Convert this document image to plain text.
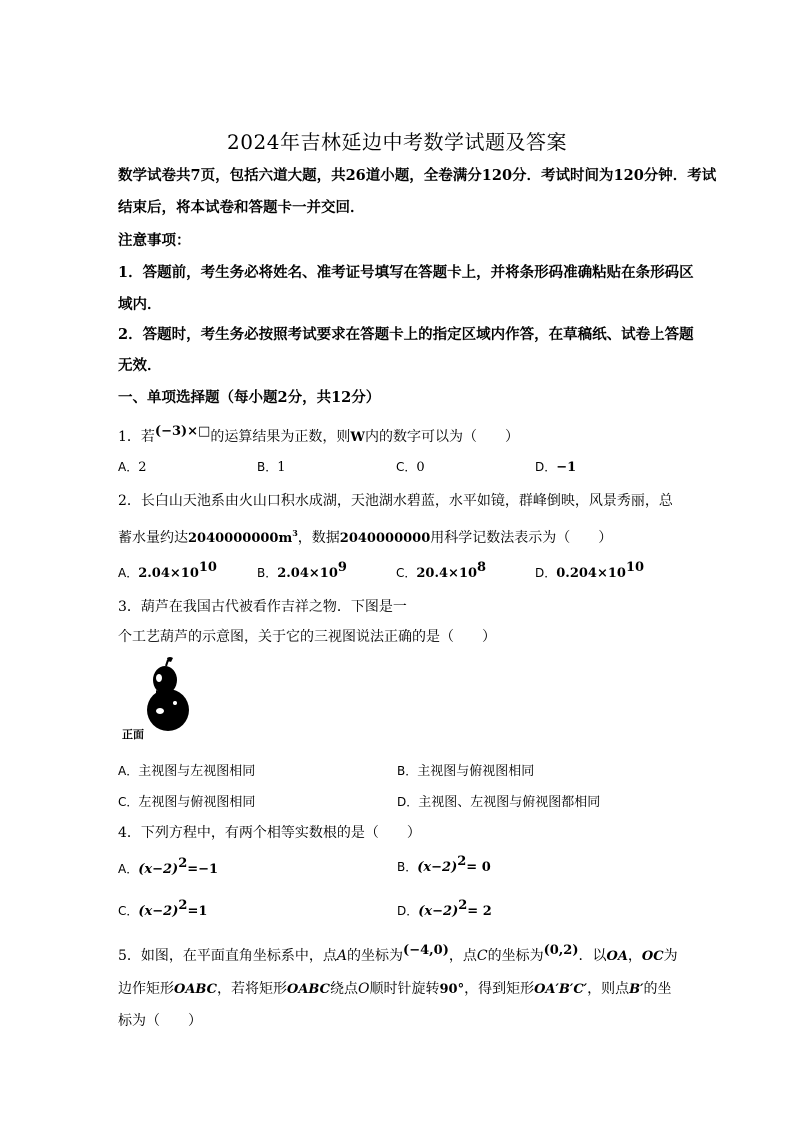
2024年吉林延边中考数学试题及答案
数学试卷共7页，包括六道大题，共26道小题，全卷满分120分．考试时间为120分钟．考试
结束后，将本试卷和答题卡一并交回．
注意事项：
1．答题前，考生务必将姓名、准考证号填写在答题卡上，并将条形码准确粘贴在条形码区
域内．
2．答题时，考生务必按照考试要求在答题卡上的指定区域内作答，在草稿纸、试卷上答题
无效．
一、单项选择题（每小题2分，共12分）
1．若(−3)×□的运算结果为正数，则W内的数字可以为（　　）
A．2	B．1	C．0	D．−1
2．长白山天池系由火山口积水成湖，天池湖水碧蓝，水平如镜，群峰倒映，风景秀丽，总
蓄水量约达$2040000000m^3$，数据2040000000用科学记数法表示为（　　）
A．$2.04\times 10^{10}$	B．$2.04\times 10^9$	C．$20.4\times 10^8$	D．$0.204\times 10^{10}$
3．葫芦在我国古代被看作吉祥之物．下图是一
个工艺葫芦的示意图，关于它的三视图说法正确的是（　　）
正面
A．主视图与左视图相同	B．主视图与俯视图相同
C．左视图与俯视图相同	D．主视图、左视图与俯视图都相同
4．下列方程中，有两个相等实数根的是（　　）
A．$(x-2)^2=-1$	B．$(x-2)^2= 0$
C．$(x-2)^2=1$	D．$(x-2)^2= 2$
5．如图，在平面直角坐标系中，点A的坐标为(−4,0)，点C的坐标为(0,2)．以OA，OC为
边作矩形OABC，若将矩形OABC绕点O顺时针旋转90°，得到矩形OA′B′C′，则点B′的坐
标为（　　）
